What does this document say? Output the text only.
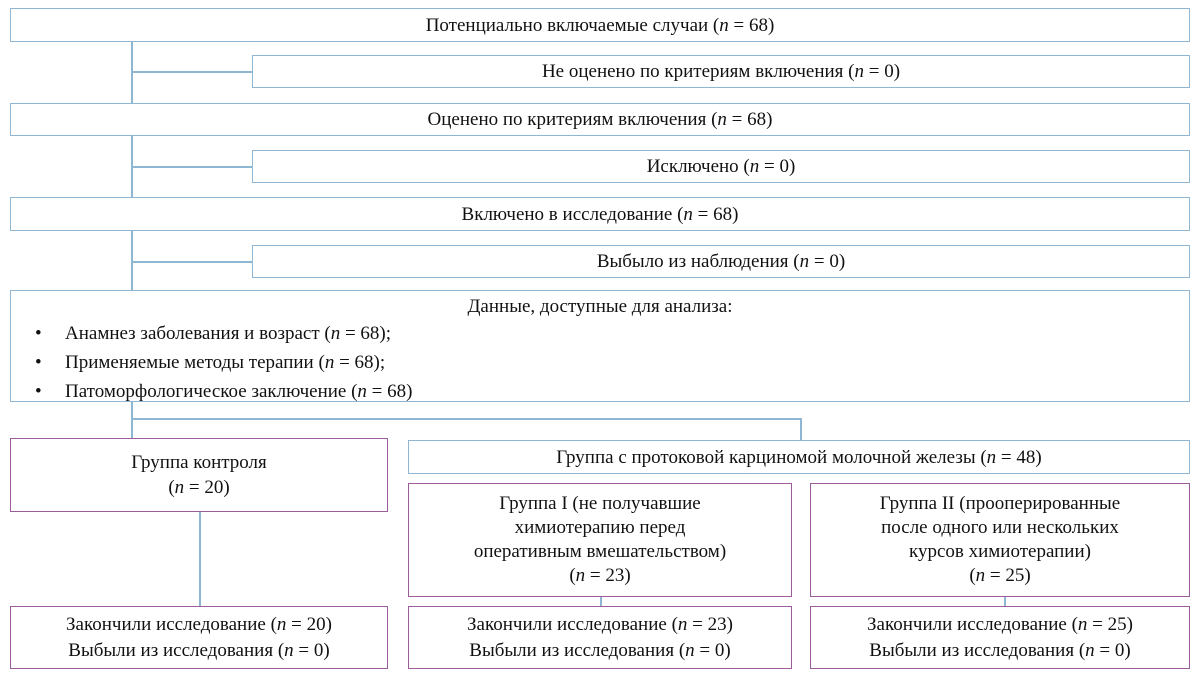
Потенциально включаемые случаи (n = 68)
Не оценено по критериям включения (n = 0)
Оценено по критериям включения (n = 68)
Исключено (n = 0)
Включено в исследование (n = 68)
Выбыло из наблюдения (n = 0)
Данные, доступные для анализа:
• Анамнез заболевания и возраст (n = 68);
• Применяемые методы терапии (n = 68);
• Патоморфологическое заключение (n = 68)
Группа контроля
(n = 20)
Группа с протоковой карциномой молочной железы (n = 48)
Группа I (не получавшие
химиотерапию перед
оперативным вмешательством)
(n = 23)
Группа II (прооперированные
после одного или нескольких
курсов химиотерапии)
(n = 25)
Закончили исследование (n = 20)
Выбыли из исследования (n = 0)
Закончили исследование (n = 23)
Выбыли из исследования (n = 0)
Закончили исследование (n = 25)
Выбыли из исследования (n = 0)
